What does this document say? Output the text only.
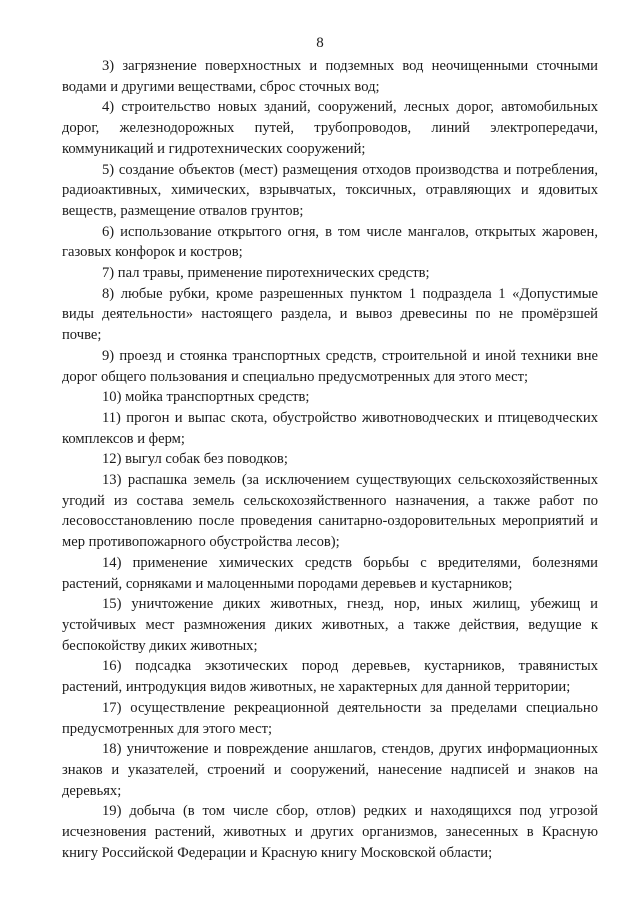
8

3) загрязнение поверхностных и подземных вод неочищенными сточными водами и другими веществами, сброс сточных вод;

4) строительство новых зданий, сооружений, лесных дорог, автомобильных дорог, железнодорожных путей, трубопроводов, линий электропередачи, коммуникаций и гидротехнических сооружений;

5) создание объектов (мест) размещения отходов производства и потребления, радиоактивных, химических, взрывчатых, токсичных, отравляющих и ядовитых веществ, размещение отвалов грунтов;

6) использование открытого огня, в том числе мангалов, открытых жаровен, газовых конфорок и костров;

7) пал травы, применение пиротехнических средств;

8) любые рубки, кроме разрешенных пунктом 1 подраздела 1 «Допустимые виды деятельности» настоящего раздела, и вывоз древесины по не промёрзшей почве;

9) проезд и стоянка транспортных средств, строительной и иной техники вне дорог общего пользования и специально предусмотренных для этого мест;

10) мойка транспортных средств;

11) прогон и выпас скота, обустройство животноводческих и птицеводческих комплексов и ферм;

12) выгул собак без поводков;

13) распашка земель (за исключением существующих сельскохозяйственных угодий из состава земель сельскохозяйственного назначения, а также работ по лесовосстановлению после проведения санитарно-оздоровительных мероприятий и мер противопожарного обустройства лесов);

14) применение химических средств борьбы с вредителями, болезнями растений, сорняками и малоценными породами деревьев и кустарников;

15) уничтожение диких животных, гнезд, нор, иных жилищ, убежищ и устойчивых мест размножения диких животных, а также действия, ведущие к беспокойству диких животных;

16) подсадка экзотических пород деревьев, кустарников, травянистых растений, интродукция видов животных, не характерных для данной территории;

17) осуществление рекреационной деятельности за пределами специально предусмотренных для этого мест;

18) уничтожение и повреждение аншлагов, стендов, других информационных знаков и указателей, строений и сооружений, нанесение надписей и знаков на деревьях;

19) добыча (в том числе сбор, отлов) редких и находящихся под угрозой исчезновения растений, животных и других организмов, занесенных в Красную книгу Российской Федерации и Красную книгу Московской области;
